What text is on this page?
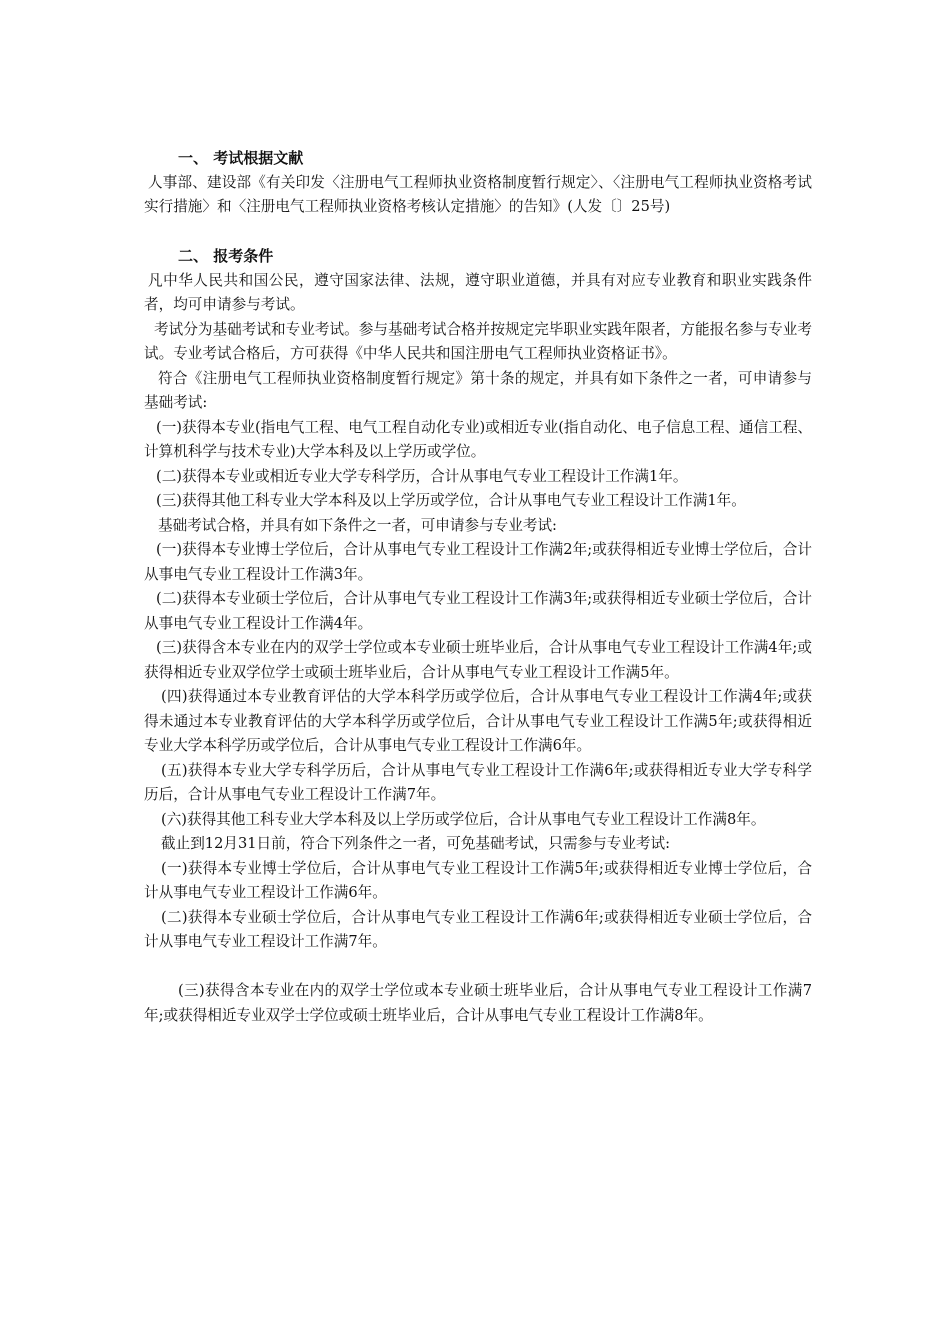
一、 考试根据文献

人事部、建设部《有关印发〈注册电气工程师执业资格制度暂行规定〉、〈注册电气工程师执业资格考试实行措施〉和〈注册电气工程师执业资格考核认定措施〉的告知》(人发〔〕25号)

二、 报考条件

凡中华人民共和国公民，遵守国家法律、法规，遵守职业道德，并具有对应专业教育和职业实践条件者，均可申请参与考试。

考试分为基础考试和专业考试。参与基础考试合格并按规定完毕职业实践年限者，方能报名参与专业考试。专业考试合格后，方可获得《中华人民共和国注册电气工程师执业资格证书》。

符合《注册电气工程师执业资格制度暂行规定》第十条的规定，并具有如下条件之一者，可申请参与基础考试:

(一)获得本专业(指电气工程、电气工程自动化专业)或相近专业(指自动化、电子信息工程、通信工程、计算机科学与技术专业)大学本科及以上学历或学位。

(二)获得本专业或相近专业大学专科学历，合计从事电气专业工程设计工作满1年。

(三)获得其他工科专业大学本科及以上学历或学位，合计从事电气专业工程设计工作满1年。

基础考试合格，并具有如下条件之一者，可申请参与专业考试:

(一)获得本专业博士学位后，合计从事电气专业工程设计工作满2年;或获得相近专业博士学位后，合计从事电气专业工程设计工作满3年。

(二)获得本专业硕士学位后，合计从事电气专业工程设计工作满3年;或获得相近专业硕士学位后，合计从事电气专业工程设计工作满4年。

(三)获得含本专业在内的双学士学位或本专业硕士班毕业后，合计从事电气专业工程设计工作满4年;或获得相近专业双学位学士或硕士班毕业后，合计从事电气专业工程设计工作满5年。

(四)获得通过本专业教育评估的大学本科学历或学位后，合计从事电气专业工程设计工作满4年;或获得未通过本专业教育评估的大学本科学历或学位后，合计从事电气专业工程设计工作满5年;或获得相近专业大学本科学历或学位后，合计从事电气专业工程设计工作满6年。

(五)获得本专业大学专科学历后，合计从事电气专业工程设计工作满6年;或获得相近专业大学专科学历后，合计从事电气专业工程设计工作满7年。

(六)获得其他工科专业大学本科及以上学历或学位后，合计从事电气专业工程设计工作满8年。

截止到12月31日前，符合下列条件之一者，可免基础考试，只需参与专业考试:

(一)获得本专业博士学位后，合计从事电气专业工程设计工作满5年;或获得相近专业博士学位后，合计从事电气专业工程设计工作满6年。

(二)获得本专业硕士学位后，合计从事电气专业工程设计工作满6年;或获得相近专业硕士学位后，合计从事电气专业工程设计工作满7年。

(三)获得含本专业在内的双学士学位或本专业硕士班毕业后，合计从事电气专业工程设计工作满7年;或获得相近专业双学士学位或硕士班毕业后，合计从事电气专业工程设计工作满8年。
